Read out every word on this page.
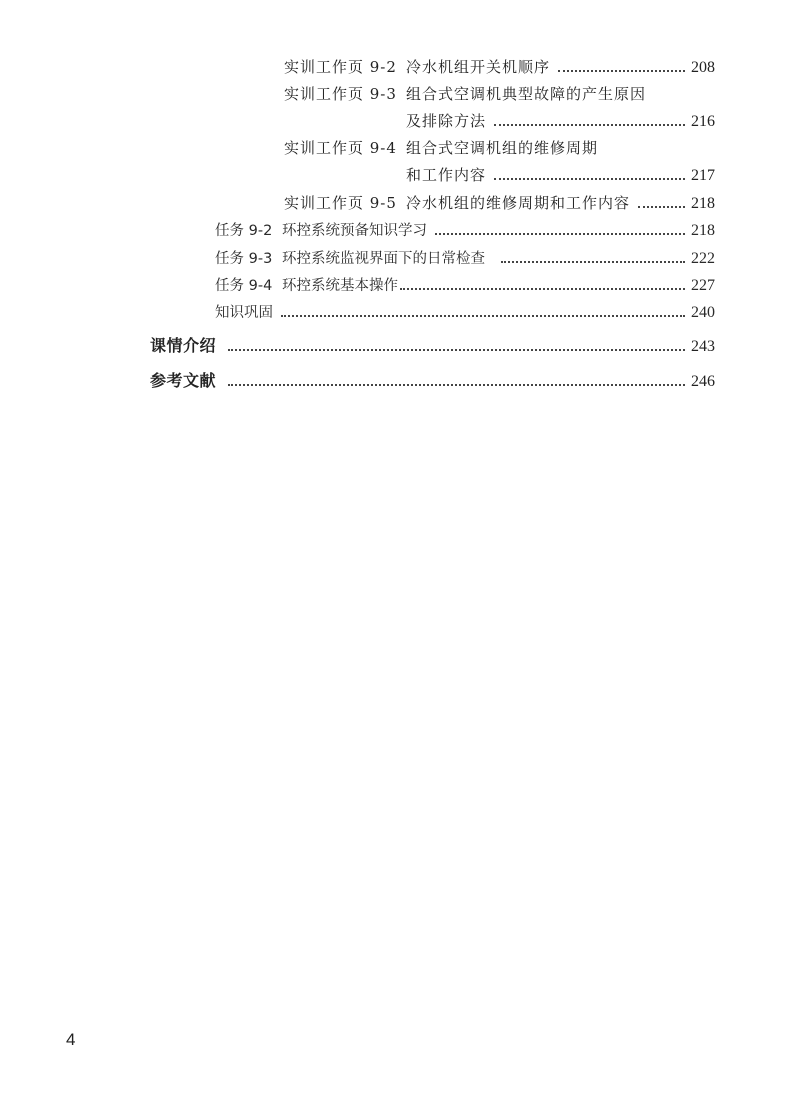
实训工作页 9-2 冷水机组开关机顺序	208
实训工作页 9-3 组合式空调机典型故障的产生原因
及排除方法	216
实训工作页 9-4 组合式空调机组的维修周期
和工作内容	217
实训工作页 9-5 冷水机组的维修周期和工作内容	218
任务 9-2 环控系统预备知识学习	218
任务 9-3 环控系统监视界面下的日常检查	222
任务 9-4 环控系统基本操作	227
知识巩固	240
课情介绍	243
参考文献	246
4
